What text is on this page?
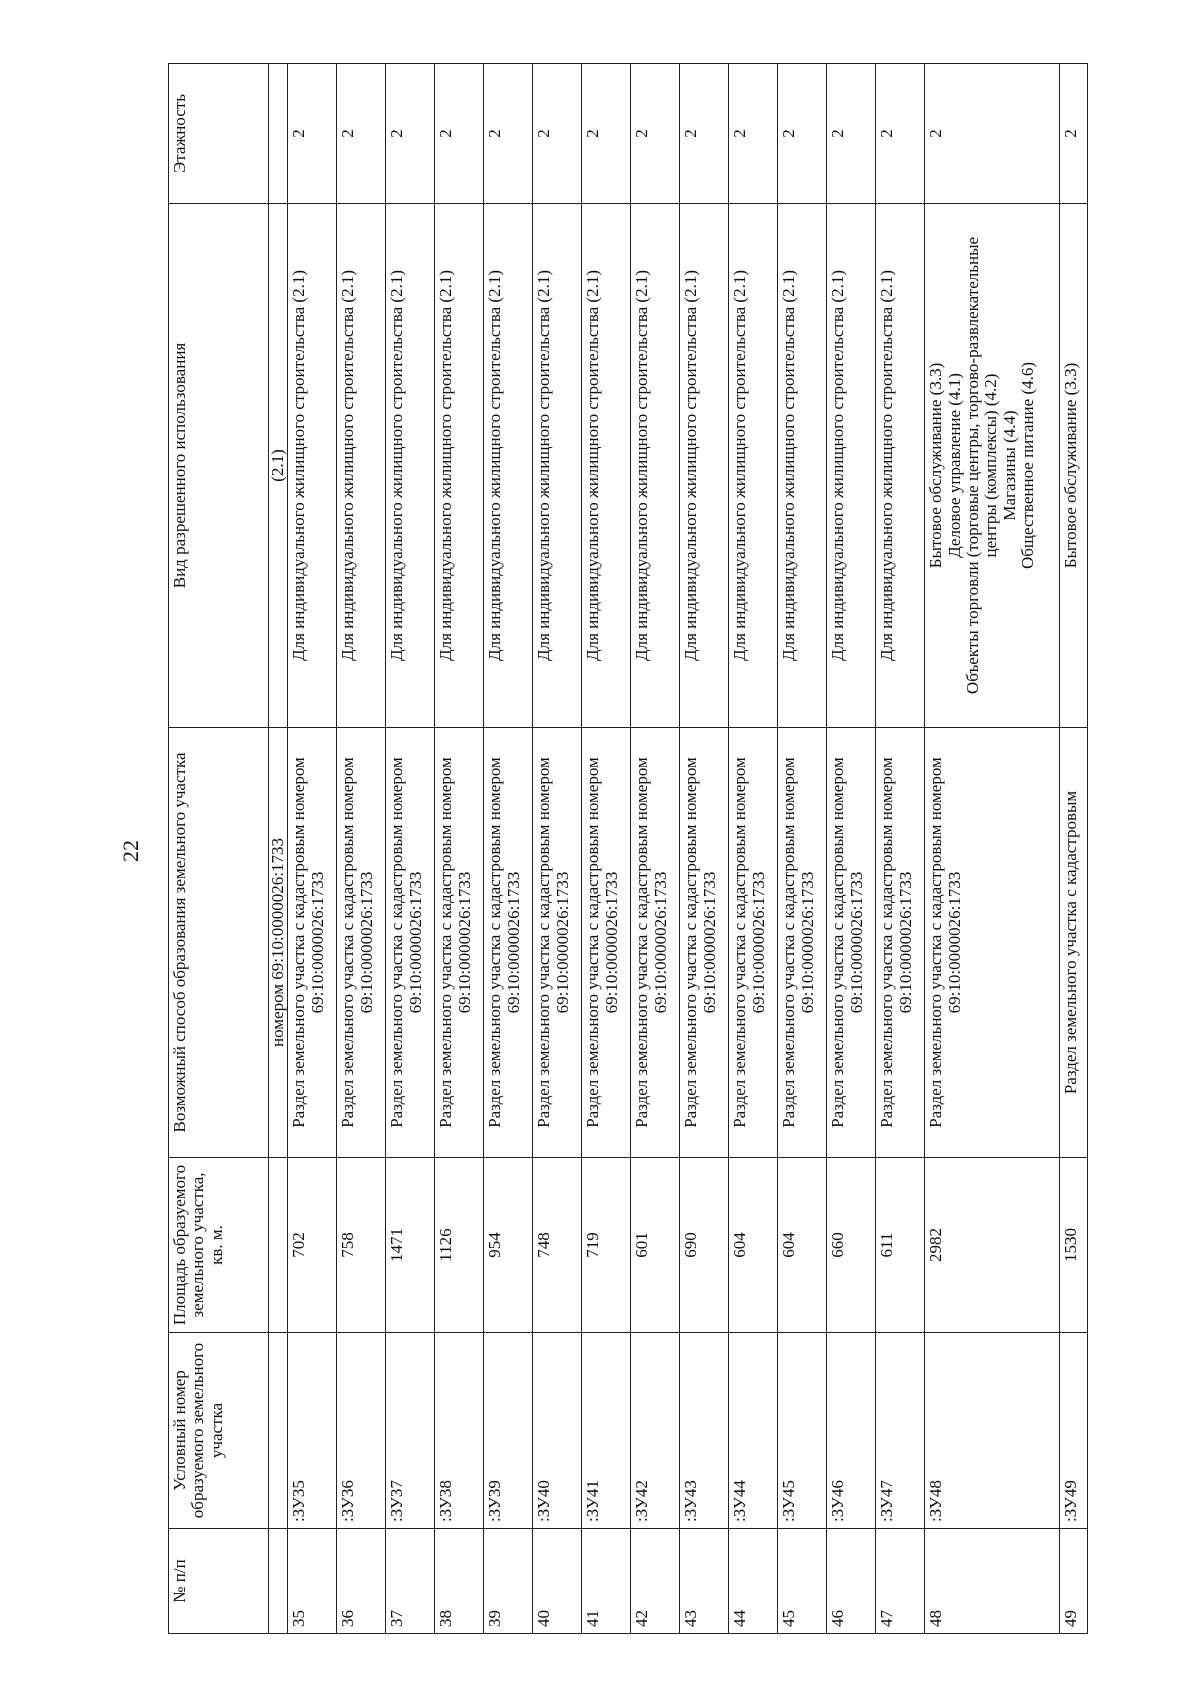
22
№ п/п	Условный номер образуемого земельного участка	Площадь образуемого земельного участка, кв. м.	Возможный способ образования земельного участка	Вид разрешенного использования	Этажность
			номером 69:10:0000026:1733	(2.1)	
35	:ЗУ35	702	Раздел земельного участка с кадастровым номером 69:10:0000026:1733	Для индивидуального жилищного строительства (2.1)	2
36	:ЗУ36	758	Раздел земельного участка с кадастровым номером 69:10:0000026:1733	Для индивидуального жилищного строительства (2.1)	2
37	:ЗУ37	1471	Раздел земельного участка с кадастровым номером 69:10:0000026:1733	Для индивидуального жилищного строительства (2.1)	2
38	:ЗУ38	1126	Раздел земельного участка с кадастровым номером 69:10:0000026:1733	Для индивидуального жилищного строительства (2.1)	2
39	:ЗУ39	954	Раздел земельного участка с кадастровым номером 69:10:0000026:1733	Для индивидуального жилищного строительства (2.1)	2
40	:ЗУ40	748	Раздел земельного участка с кадастровым номером 69:10:0000026:1733	Для индивидуального жилищного строительства (2.1)	2
41	:ЗУ41	719	Раздел земельного участка с кадастровым номером 69:10:0000026:1733	Для индивидуального жилищного строительства (2.1)	2
42	:ЗУ42	601	Раздел земельного участка с кадастровым номером 69:10:0000026:1733	Для индивидуального жилищного строительства (2.1)	2
43	:ЗУ43	690	Раздел земельного участка с кадастровым номером 69:10:0000026:1733	Для индивидуального жилищного строительства (2.1)	2
44	:ЗУ44	604	Раздел земельного участка с кадастровым номером 69:10:0000026:1733	Для индивидуального жилищного строительства (2.1)	2
45	:ЗУ45	604	Раздел земельного участка с кадастровым номером 69:10:0000026:1733	Для индивидуального жилищного строительства (2.1)	2
46	:ЗУ46	660	Раздел земельного участка с кадастровым номером 69:10:0000026:1733	Для индивидуального жилищного строительства (2.1)	2
47	:ЗУ47	611	Раздел земельного участка с кадастровым номером 69:10:0000026:1733	Для индивидуального жилищного строительства (2.1)	2
48	:ЗУ48	2982	Раздел земельного участка с кадастровым номером 69:10:0000026:1733	Бытовое обслуживание (3.3) Деловое управление (4.1) Объекты торговли (торговые центры, торгово-развлекательные центры (комплексы) (4.2) Магазины (4.4) Общественное питание (4.6)	2
49	:ЗУ49	1530	Раздел земельного участка с кадастровым	Бытовое обслуживание (3.3)	2
